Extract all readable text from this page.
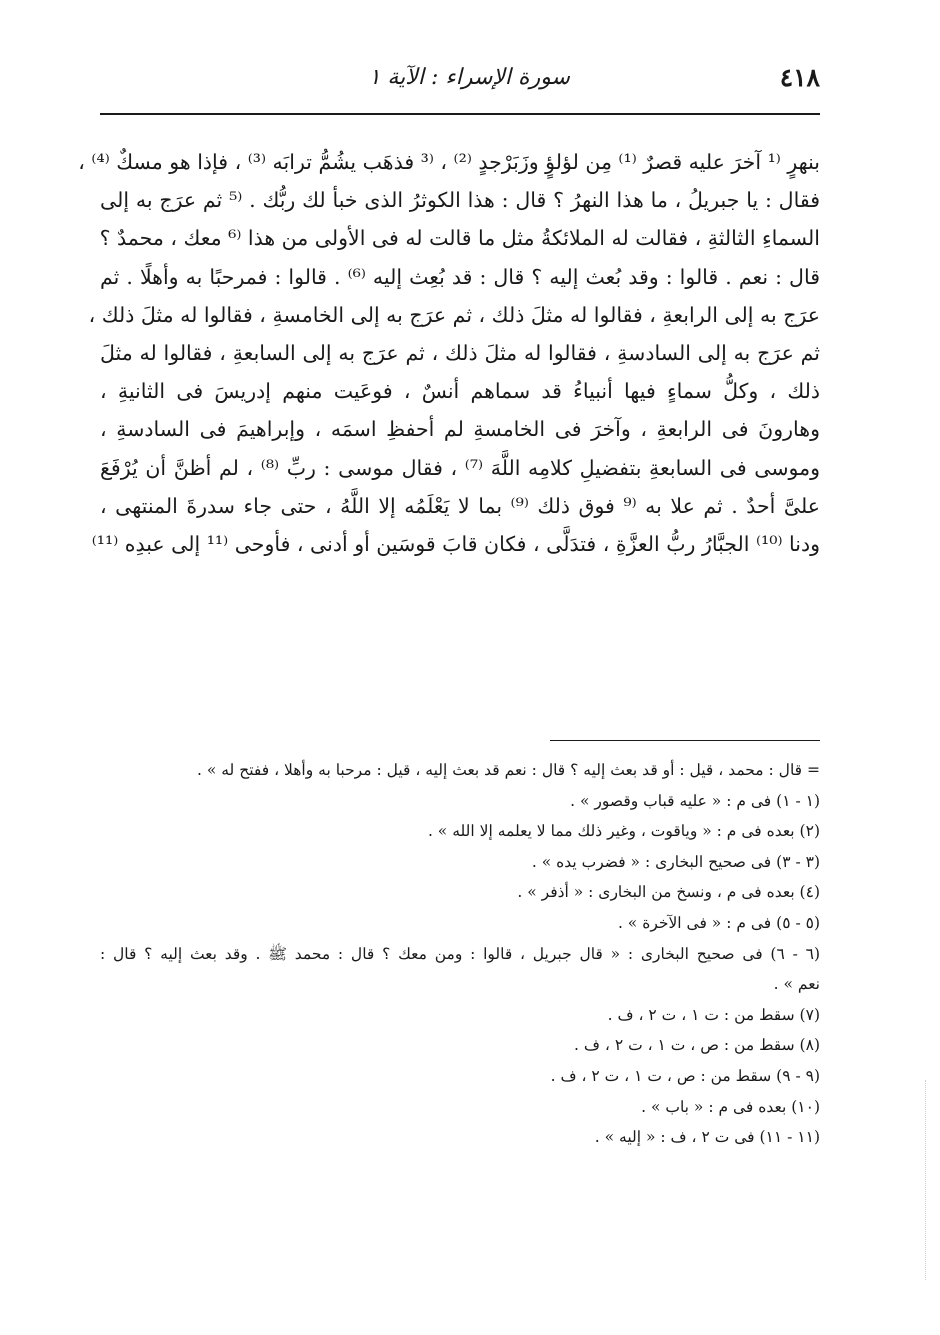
٤١٨
سورة الإسراء : الآية ١
بنهرٍ ⁽¹ آخرَ عليه قصرٌ ⁽¹⁾ مِن لؤلؤٍ وزَبَرْجدٍ ⁽²⁾ ، ⁽³ فذهَب يشُمُّ ترابَه ⁽³⁾ ، فإذا هو مسكٌ ⁽⁴⁾ ،
فقال : يا جبريلُ ، ما هذا النهرُ ؟ قال : هذا الكوثرُ الذى خبأ لك ربُّك . ⁽⁵ ثم عرَج به إلى
السماءِ الثالثةِ ، فقالت له الملائكةُ مثل ما قالت له فى الأولى من هذا ⁽⁶ معك ، محمدٌ ؟
قال : نعم . قالوا : وقد بُعث إليه ؟ قال : قد بُعِث إليه ⁽⁶⁾ . قالوا : فمرحبًا به وأهلًا . ثم
عرَج به إلى الرابعةِ ، فقالوا له مثلَ ذلك ، ثم عرَج به إلى الخامسةِ ، فقالوا له مثلَ ذلك ،
ثم عرَج به إلى السادسةِ ، فقالوا له مثلَ ذلك ، ثم عرَج به إلى السابعةِ ، فقالوا له مثلَ
ذلك ، وكلُّ سماءٍ فيها أنبياءُ قد سماهم أنسٌ ، فوعَيت منهم إدريسَ فى الثانيةِ ،
وهارونَ فى الرابعةِ ، وآخرَ فى الخامسةِ لم أحفظِ اسمَه ، وإبراهيمَ فى السادسةِ ،
وموسى فى السابعةِ بتفضيلِ كلامِه اللَّهَ ⁽⁷⁾ ، فقال موسى : ربِّ ⁽⁸⁾ ، لم أظنَّ أن يُرْفَعَ
علىَّ أحدٌ . ثم علا به ⁽⁹ فوق ذلك ⁽⁹⁾ بما لا يَعْلَمُه إلا اللَّهُ ، حتى جاء سدرةَ المنتهى ،
ودنا ⁽¹⁰⁾ الجبَّارُ ربُّ العزَّةِ ، فتدَلَّى ، فكان قابَ قوسَين أو أدنى ، فأوحى ⁽¹¹ إلى عبدِه ⁽¹¹⁾
= قال : محمد ، قيل : أو قد بعث إليه ؟ قال : نعم قد بعث إليه ، قيل : مرحبا به وأهلا ، ففتح له » .
(١ - ١) فى م : « عليه قباب وقصور » .
(٢) بعده فى م : « وياقوت ، وغير ذلك مما لا يعلمه إلا الله » .
(٣ - ٣) فى صحيح البخارى : « فضرب يده » .
(٤) بعده فى م ، ونسخ من البخارى : « أذفر » .
(٥ - ٥) فى م : « فى الآخرة » .
(٦ - ٦) فى صحيح البخارى : « قال جبريل ، قالوا : ومن معك ؟ قال : محمد ﷺ . وقد بعث إليه ؟ قال :
نعم » .
(٧) سقط من : ت ١ ، ت ٢ ، ف .
(٨) سقط من : ص ، ت ١ ، ت ٢ ، ف .
(٩ - ٩) سقط من : ص ، ت ١ ، ت ٢ ، ف .
(١٠) بعده فى م : « باب » .
(١١ - ١١) فى ت ٢ ، ف : « إليه » .
